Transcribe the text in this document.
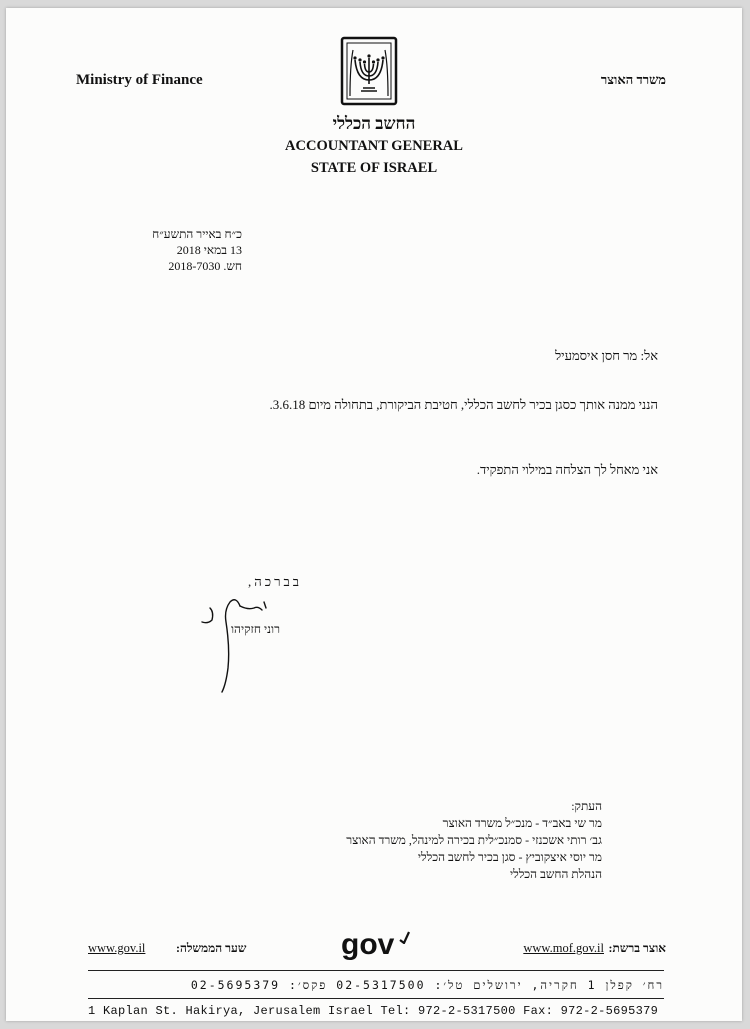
Ministry of Finance	משרד האוצר
החשב הכללי
ACCOUNTANT GENERAL
STATE OF ISRAEL
כ״ח באייר התשע״ח
13 במאי 2018
חש. 2018-7030
אל: מר חסן איסמעיל
הנני ממנה אותך כסגן בכיר לחשב הכללי, חטיבת הביקורת, בתחולה מיום 3.6.18.
אני מאחל לך הצלחה במילוי התפקיד.
בברכה,
רוני חזקיהו
העתק:
מר שי באב״ד - מנכ״ל משרד האוצר
גב׳ רותי אשכנזי - סמנכ״לית בכירה למינהל, משרד האוצר
מר יוסי איצקוביץ - סגן בכיר לחשב הכללי
הנהלת החשב הכללי
www.gov.il	שער הממשלה:	gov	www.mof.gov.il אוצר ברשת:
רח׳ קפלן 1 חקריה, ירושלים טל׳: 02-5317500 פקס׳: 02-5695379
1 Kaplan St. Hakirya, Jerusalem Israel Tel: 972-2-5317500 Fax: 972-2-5695379
